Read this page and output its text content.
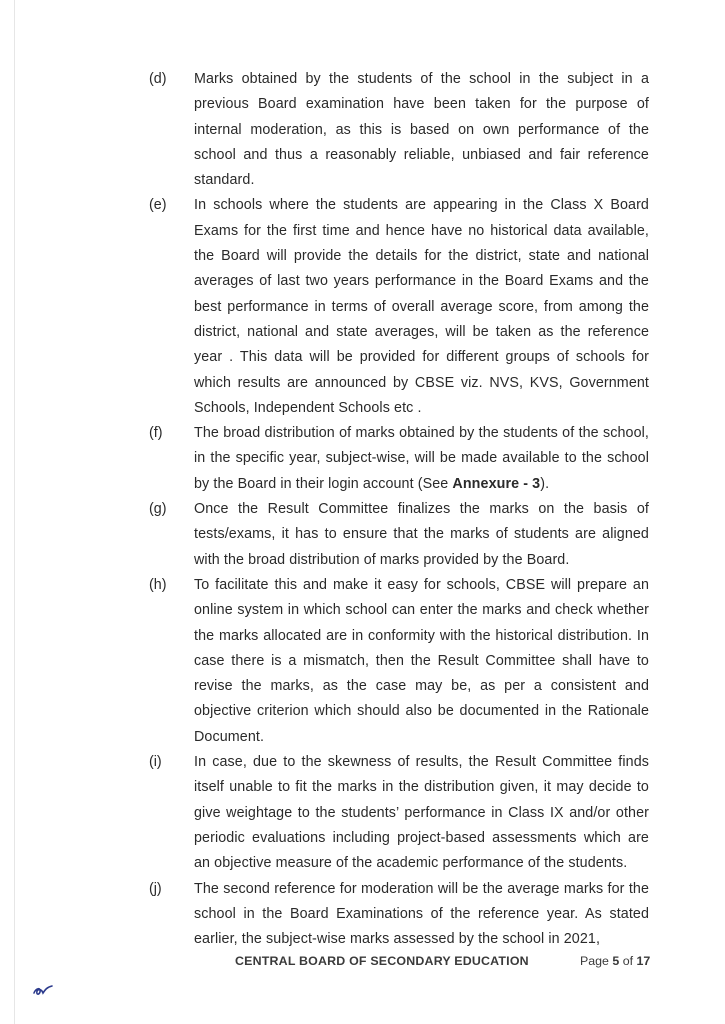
(d) Marks obtained by the students of the school in the subject in a previous Board examination have been taken for the purpose of internal moderation, as this is based on own performance of the school and thus a reasonably reliable, unbiased and fair reference standard.
(e) In schools where the students are appearing in the Class X Board Exams for the first time and hence have no historical data available, the Board will provide the details for the district, state and national averages of last two years performance in the Board Exams and the best performance in terms of overall average score, from among the district, national and state averages, will be taken as the reference year . This data will be provided for different groups of schools for which results are announced by CBSE viz. NVS, KVS, Government Schools, Independent Schools etc .
(f) The broad distribution of marks obtained by the students of the school, in the specific year, subject-wise, will be made available to the school by the Board in their login account (See Annexure - 3).
(g) Once the Result Committee finalizes the marks on the basis of tests/exams, it has to ensure that the marks of students are aligned with the broad distribution of marks provided by the Board.
(h) To facilitate this and make it easy for schools, CBSE will prepare an online system in which school can enter the marks and check whether the marks allocated are in conformity with the historical distribution. In case there is a mismatch, then the Result Committee shall have to revise the marks, as the case may be, as per a consistent and objective criterion which should also be documented in the Rationale Document.
(i) In case, due to the skewness of results, the Result Committee finds itself unable to fit the marks in the distribution given, it may decide to give weightage to the students’ performance in Class IX and/or other periodic evaluations including project-based assessments which are an objective measure of the academic performance of the students.
(j) The second reference for moderation will be the average marks for the school in the Board Examinations of the reference year. As stated earlier, the subject-wise marks assessed by the school in 2021,
CENTRAL BOARD OF SECONDARY EDUCATION	Page 5 of 17
